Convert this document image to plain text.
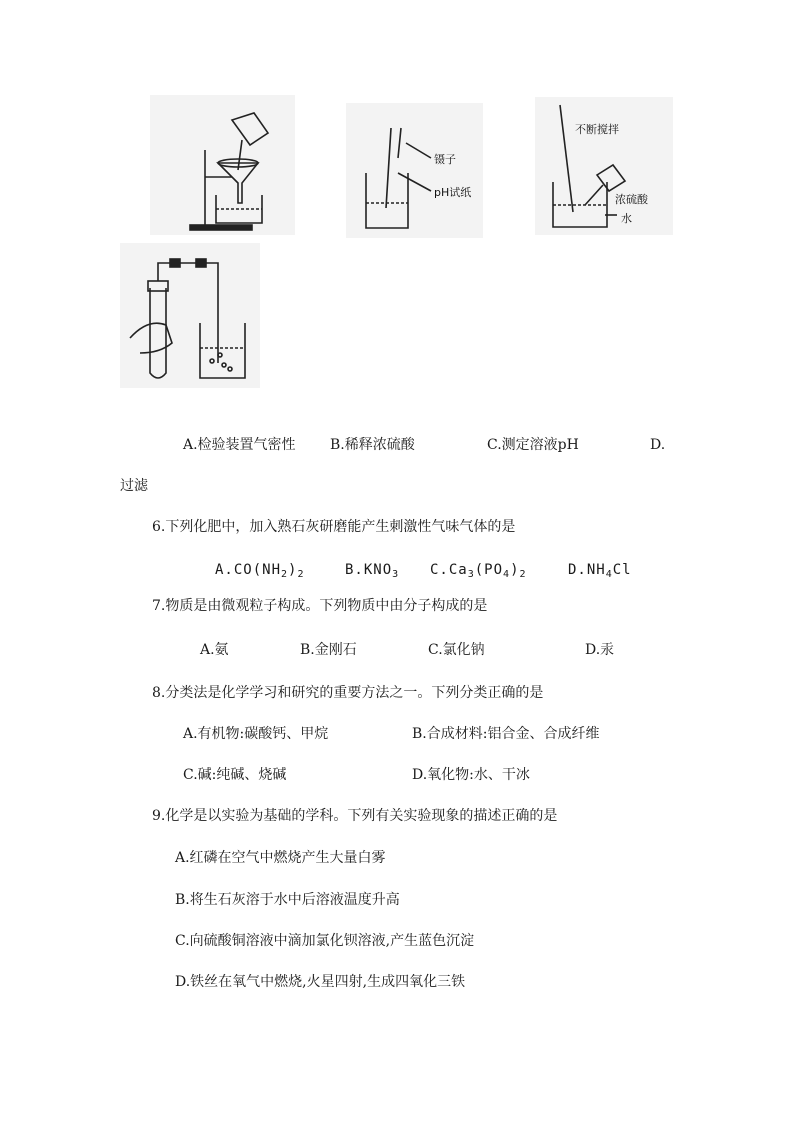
镊子
pH试纸
不断搅拌
浓硫酸
水
A.检验装置气密性 B.稀释浓硫酸	C.测定溶液pH	D.
过滤
6.下列化肥中，加入熟石灰研磨能产生刺激性气味气体的是
$A.CO(NH_2)_2$	$B.KNO_3$ $C.Ca_3(PO_4)_2$	$D.NH_4Cl$
7.物质是由微观粒子构成。下列物质中由分子构成的是
A.氨	B.金刚石	C.氯化钠	D.汞
8.分类法是化学学习和研究的重要方法之一。下列分类正确的是
A.有机物:碳酸钙、甲烷	B.合成材料:铝合金、合成纤维
C.碱:纯碱、烧碱	D.氧化物:水、干冰
9.化学是以实验为基础的学科。下列有关实验现象的描述正确的是
A.红磷在空气中燃烧产生大量白雾
B.将生石灰溶于水中后溶液温度升高
C.向硫酸铜溶液中滴加氯化钡溶液,产生蓝色沉淀
D.铁丝在氧气中燃烧,火星四射,生成四氧化三铁
